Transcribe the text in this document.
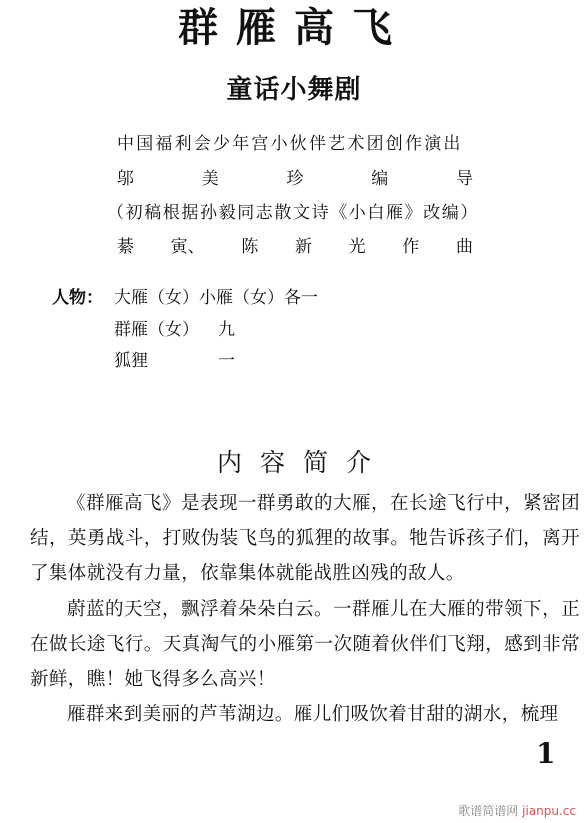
群雁高飞
童话小舞剧
中国福利会少年宫小伙伴艺术团创作演出
邬	美	珍	编	导
（初稿根据孙毅同志散文诗《小白雁》改编）
綦 寅、 陈 新 光 作 曲
人物： 大雁（女）小雁（女）各一
群雁（女） 九
狐狸	一
内容简介

《群雁高飞》是表现一群勇敢的大雁，在长途飞行中，紧密团结，英勇战斗，打败伪装飞鸟的狐狸的故事。牠告诉孩子们，离开了集体就没有力量，依靠集体就能战胜凶残的敌人。

蔚蓝的天空，飘浮着朵朵白云。一群雁儿在大雁的带领下，正在做长途飞行。天真淘气的小雁第一次随着伙伴们飞翔，感到非常新鲜，瞧！她飞得多么高兴！

雁群来到美丽的芦苇湖边。雁儿们吸饮着甘甜的湖水，梳理

1
歌谱简谱网 jianpu.cc
